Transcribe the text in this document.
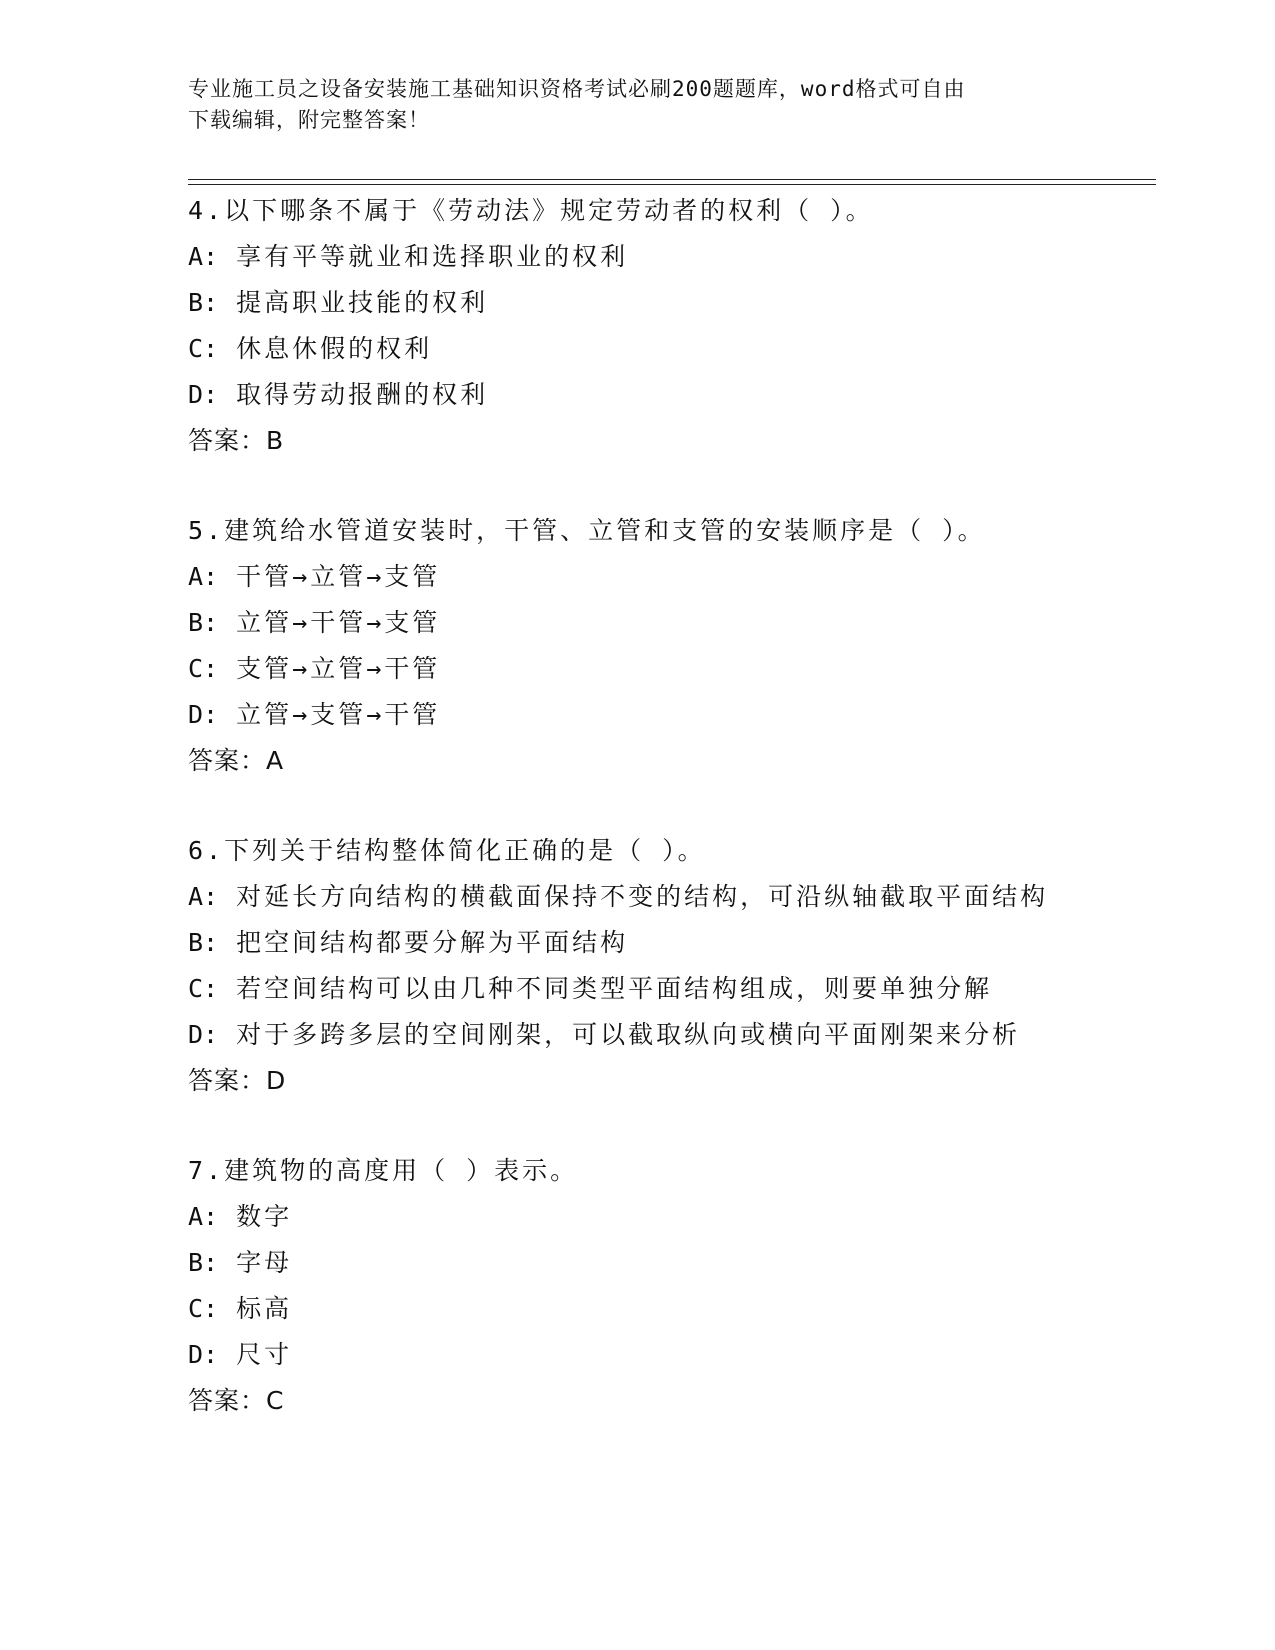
专业施工员之设备安装施工基础知识资格考试必刷200题题库，word格式可自由
下载编辑，附完整答案！
4.以下哪条不属于《劳动法》规定劳动者的权利（ ）。
A: 享有平等就业和选择职业的权利
B: 提高职业技能的权利
C: 休息休假的权利
D: 取得劳动报酬的权利
答案：B
5.建筑给水管道安装时，干管、立管和支管的安装顺序是（ ）。
A: 干管→立管→支管
B: 立管→干管→支管
C: 支管→立管→干管
D: 立管→支管→干管
答案：A
6.下列关于结构整体简化正确的是（ ）。
A: 对延长方向结构的横截面保持不变的结构，可沿纵轴截取平面结构
B: 把空间结构都要分解为平面结构
C: 若空间结构可以由几种不同类型平面结构组成，则要单独分解
D: 对于多跨多层的空间刚架，可以截取纵向或横向平面刚架来分析
答案：D
7.建筑物的高度用（ ）表示。
A: 数字
B: 字母
C: 标高
D: 尺寸
答案：C
